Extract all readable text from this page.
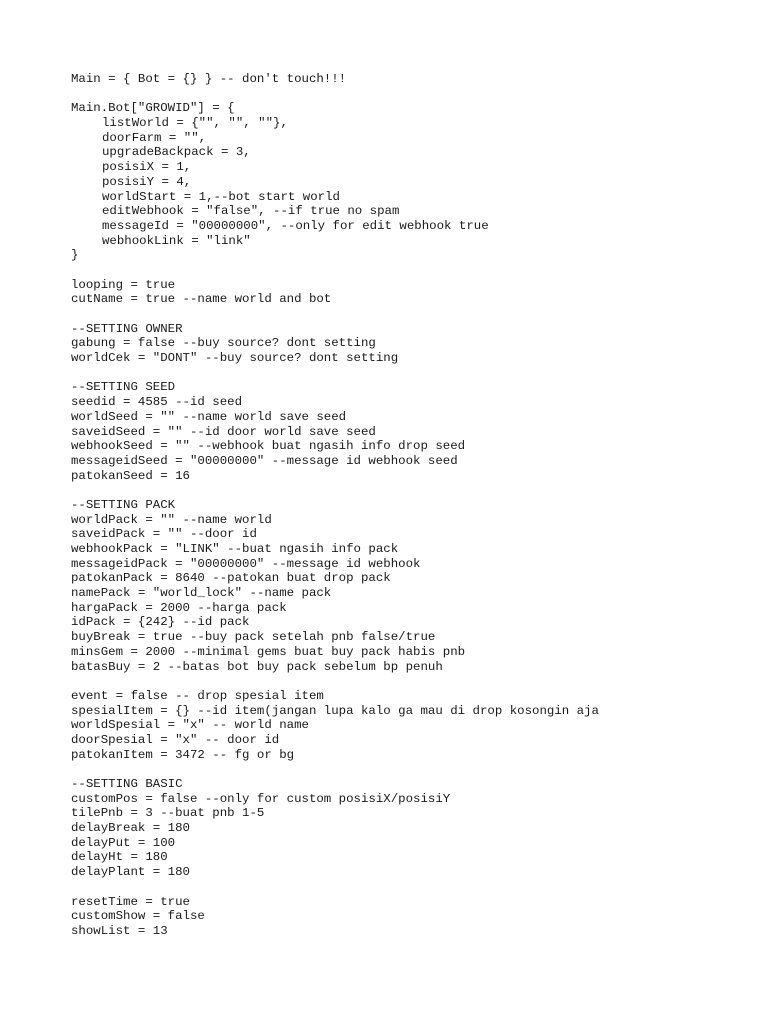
Main = { Bot = {} } -- don't touch!!!
Main.Bot["GROWID"] = {
listWorld = {"", "", ""},
doorFarm = "",
upgradeBackpack = 3,
posisiX = 1,
posisiY = 4,
worldStart = 1,--bot start world
editWebhook = "false", --if true no spam
messageId = "00000000", --only for edit webhook true
webhookLink = "link"
}
looping = true
cutName = true --name world and bot
--SETTING OWNER
gabung = false --buy source? dont setting
worldCek = "DONT" --buy source? dont setting
--SETTING SEED
seedid = 4585 --id seed
worldSeed = "" --name world save seed
saveidSeed = "" --id door world save seed
webhookSeed = "" --webhook buat ngasih info drop seed
messageidSeed = "00000000" --message id webhook seed
patokanSeed = 16
--SETTING PACK
worldPack = "" --name world
saveidPack = "" --door id
webhookPack = "LINK" --buat ngasih info pack
messageidPack = "00000000" --message id webhook
patokanPack = 8640 --patokan buat drop pack
namePack = "world_lock" --name pack
hargaPack = 2000 --harga pack
idPack = {242} --id pack
buyBreak = true --buy pack setelah pnb false/true
minsGem = 2000 --minimal gems buat buy pack habis pnb
batasBuy = 2 --batas bot buy pack sebelum bp penuh
event = false -- drop spesial item
spesialItem = {} --id item(jangan lupa kalo ga mau di drop kosongin aja
worldSpesial = "x" -- world name
doorSpesial = "x" -- door id
patokanItem = 3472 -- fg or bg
--SETTING BASIC
customPos = false --only for custom posisiX/posisiY
tilePnb = 3 --buat pnb 1-5
delayBreak = 180
delayPut = 100
delayHt = 180
delayPlant = 180
resetTime = true
customShow = false
showList = 13
